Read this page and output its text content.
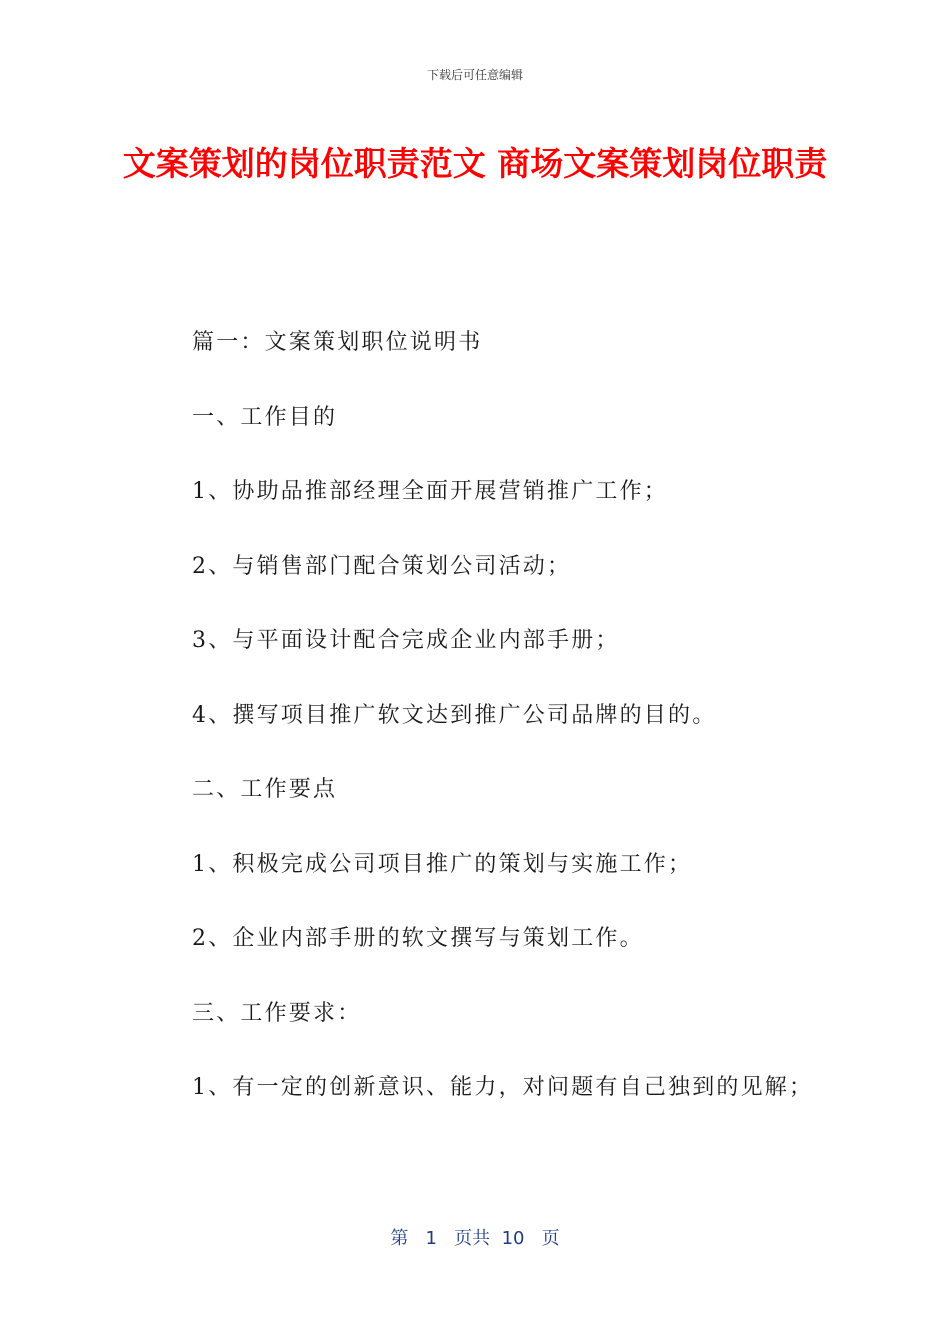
下载后可任意编辑
文案策划的岗位职责范文 商场文案策划岗位职责
篇一：文案策划职位说明书
一、工作目的
1、协助品推部经理全面开展营销推广工作；
2、与销售部门配合策划公司活动；
3、与平面设计配合完成企业内部手册；
4、撰写项目推广软文达到推广公司品牌的目的。
二、工作要点
1、积极完成公司项目推广的策划与实施工作；
2、企业内部手册的软文撰写与策划工作。
三、工作要求：
1、有一定的创新意识、能力，对问题有自己独到的见解；
第 1 页共 10 页
